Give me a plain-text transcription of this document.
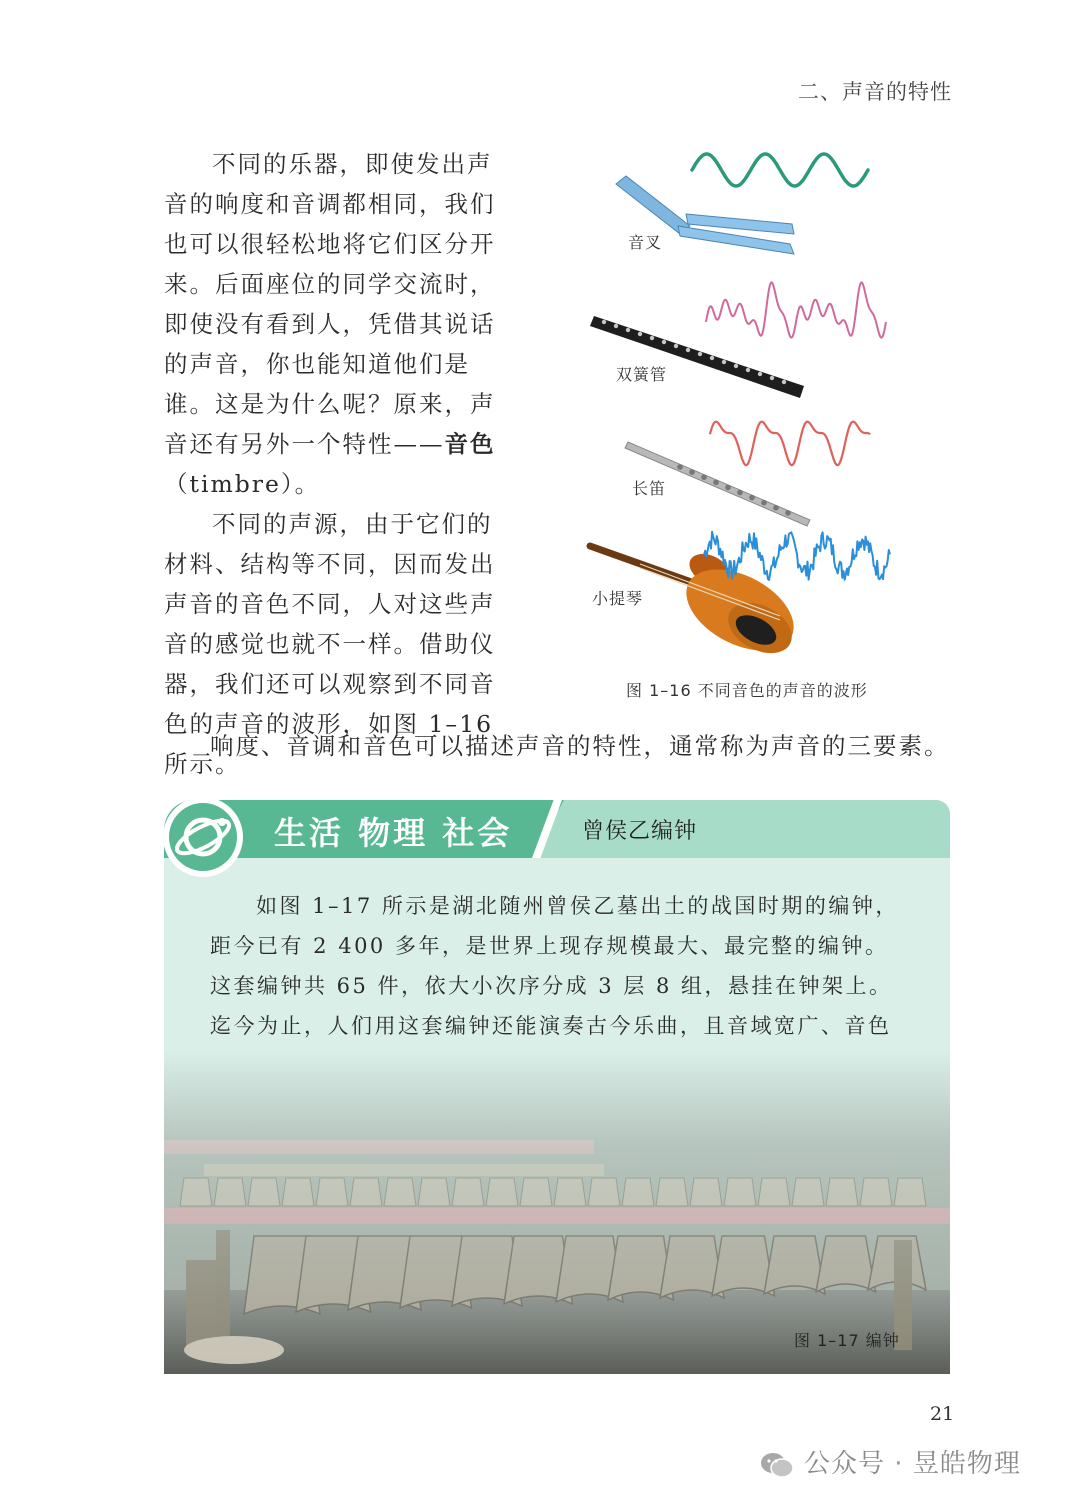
二、声音的特性

不同的乐器，即使发出声音的响度和音调都相同，我们也可以很轻松地将它们区分开来。后面座位的同学交流时，即使没有看到人，凭借其说话的声音，你也能知道他们是谁。这是为什么呢？原来，声音还有另外一个特性——音色（timbre）。

不同的声源，由于它们的材料、结构等不同，因而发出声音的音色不同，人对这些声音的感觉也就不一样。借助仪器，我们还可以观察到不同音色的声音的波形，如图 1–16 所示。

音叉
双簧管
长笛
小提琴
图 1–16 不同音色的声音的波形
响度、音调和音色可以描述声音的特性，通常称为声音的三要素。
生活 物理 社会	曾侯乙编钟

如图 1–17 所示是湖北随州曾侯乙墓出土的战国时期的编钟，距今已有 2 400 多年，是世界上现存规模最大、最完整的编钟。这套编钟共 65 件，依大小次序分成 3 层 8 组，悬挂在钟架上。迄今为止，人们用这套编钟还能演奏古今乐曲，且音域宽广、音色

图 1–17 编钟
21
公众号 · 昱皓物理
